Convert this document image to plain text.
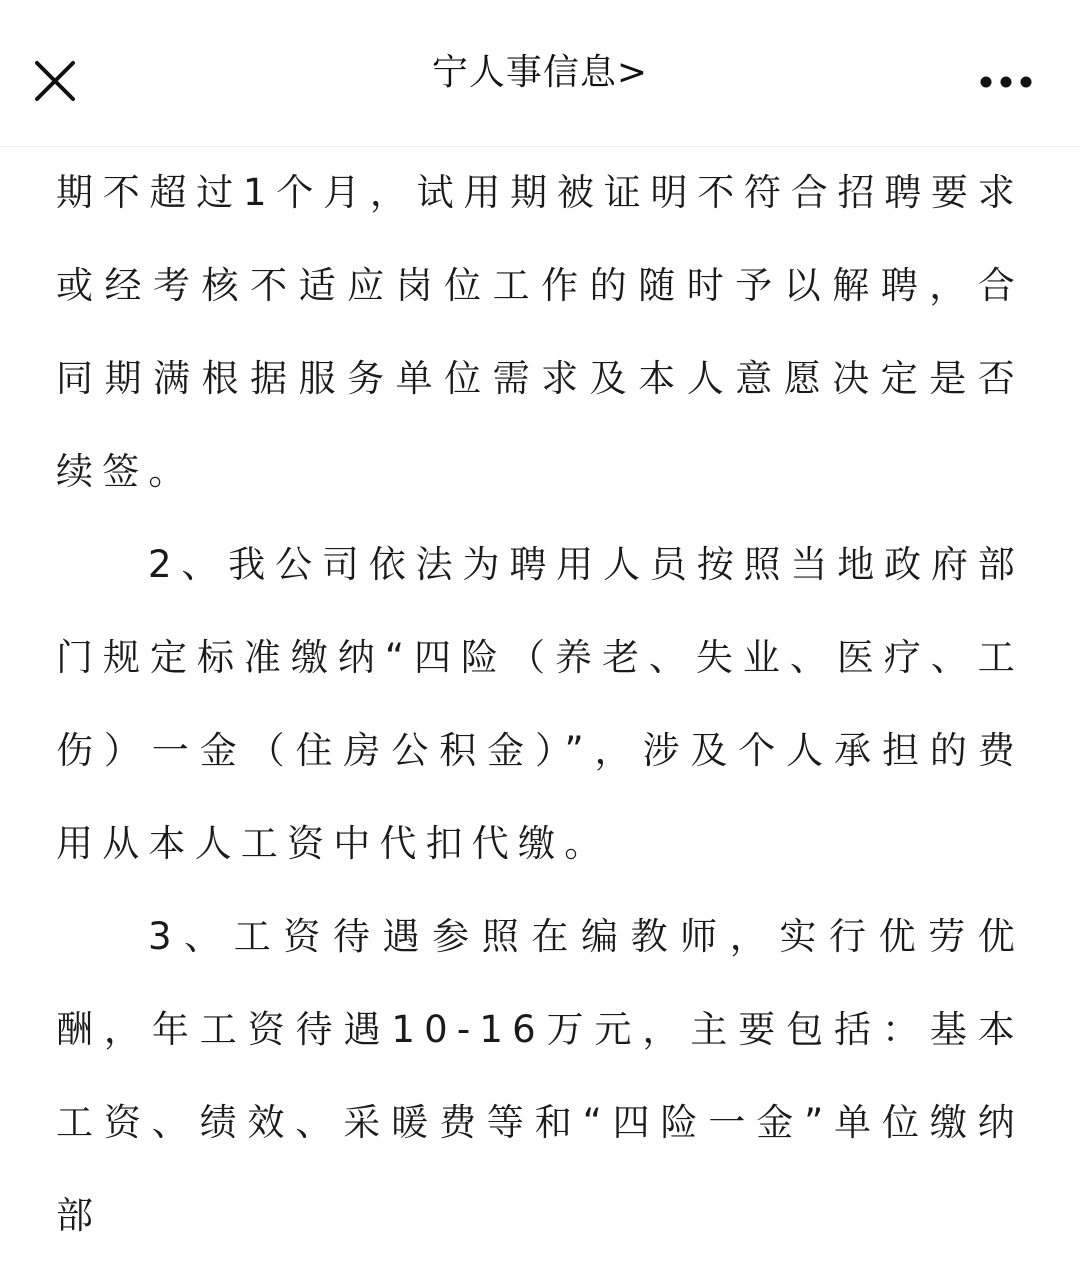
宁人事信息>

期不超过1个月，试用期被证明不符合招聘要求或经考核不适应岗位工作的随时予以解聘，合同期满根据服务单位需求及本人意愿决定是否续签。

2、我公司依法为聘用人员按照当地政府部门规定标准缴纳“四险（养老、失业、医疗、工伤）一金（住房公积金）”，涉及个人承担的费用从本人工资中代扣代缴。

3、工资待遇参照在编教师，实行优劳优酬，年工资待遇10-16万元，主要包括：基本工资、绩效、采暖费等和“四险一金”单位缴纳部
